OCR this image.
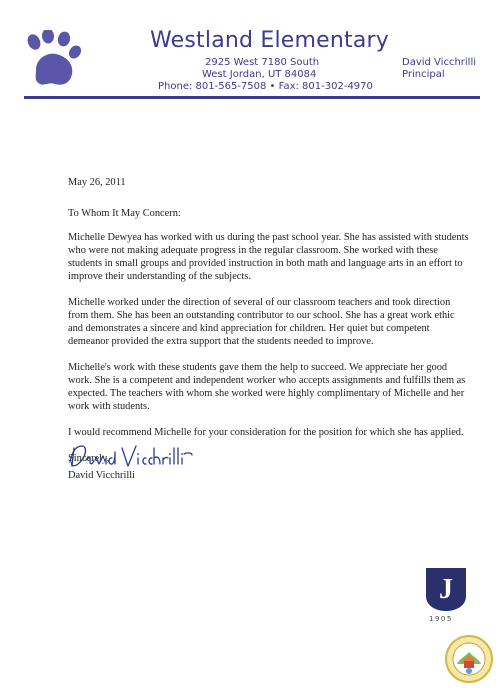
Westland Elementary
2925 West 7180 South
West Jordan, UT 84084
Phone: 801-565-7508 • Fax: 801-302-4970
David Vicchrilli
Principal

May 26, 2011

To Whom It May Concern:

Michelle Dewyea has worked with us during the past school year. She has assisted with students who were not making adequate progress in the regular classroom. She worked with these students in small groups and provided instruction in both math and language arts in an effort to improve their understanding of the subjects.

Michelle worked under the direction of several of our classroom teachers and took direction from them. She has been an outstanding contributor to our school. She has a great work ethic and demonstrates a sincere and kind appreciation for children. Her quiet but competent demeanor provided the extra support that the students needed to improve.

Michelle's work with these students gave them the help to succeed. We appreciate her good work. She is a competent and independent worker who accepts assignments and fulfills them as expected. The teachers with whom she worked were highly complimentary of Michelle and her work with students.

I would recommend Michelle for your consideration for the position for which she has applied.

Sincerely,

David Vicchrilli
J
1905
